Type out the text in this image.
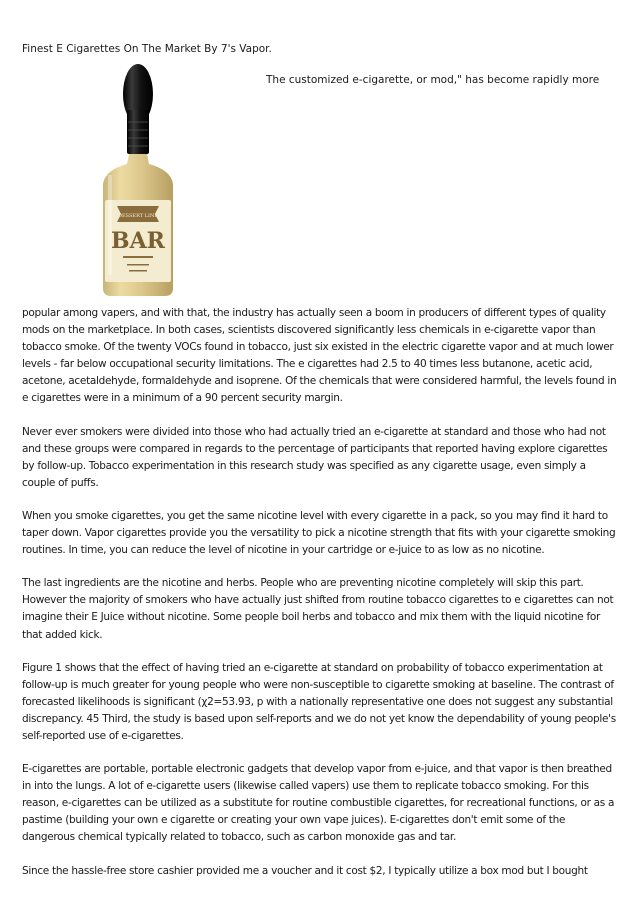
Finest E Cigarettes On The Market By 7's Vapor.
DESSERT LINE
BAR
The customized e-cigarette, or mod," has become rapidly more

popular among vapers, and with that, the industry has actually seen a boom in producers of different types of quality mods on the marketplace. In both cases, scientists discovered significantly less chemicals in e-cigarette vapor than tobacco smoke. Of the twenty VOCs found in tobacco, just six existed in the electric cigarette vapor and at much lower levels - far below occupational security limitations. The e cigarettes had 2.5 to 40 times less butanone, acetic acid, acetone, acetaldehyde, formaldehyde and isoprene. Of the chemicals that were considered harmful, the levels found in e cigarettes were in a minimum of a 90 percent security margin.

Never ever smokers were divided into those who had actually tried an e-cigarette at standard and those who had not and these groups were compared in regards to the percentage of participants that reported having explore cigarettes by follow-up. Tobacco experimentation in this research study was specified as any cigarette usage, even simply a couple of puffs.

When you smoke cigarettes, you get the same nicotine level with every cigarette in a pack, so you may find it hard to taper down. Vapor cigarettes provide you the versatility to pick a nicotine strength that fits with your cigarette smoking routines. In time, you can reduce the level of nicotine in your cartridge or e-juice to as low as no nicotine.

The last ingredients are the nicotine and herbs. People who are preventing nicotine completely will skip this part. However the majority of smokers who have actually just shifted from routine tobacco cigarettes to e cigarettes can not imagine their E Juice without nicotine. Some people boil herbs and tobacco and mix them with the liquid nicotine for that added kick.

Figure 1 shows that the effect of having tried an e-cigarette at standard on probability of tobacco experimentation at follow-up is much greater for young people who were non-susceptible to cigarette smoking at baseline. The contrast of forecasted likelihoods is significant (χ2=53.93, p with a nationally representative one does not suggest any substantial discrepancy. 45 Third, the study is based upon self-reports and we do not yet know the dependability of young people's self-reported use of e-cigarettes.

E-cigarettes are portable, portable electronic gadgets that develop vapor from e-juice, and that vapor is then breathed in into the lungs. A lot of e-cigarette users (likewise called vapers) use them to replicate tobacco smoking. For this reason, e-cigarettes can be utilized as a substitute for routine combustible cigarettes, for recreational functions, or as a pastime (building your own e cigarette or creating your own vape juices). E-cigarettes don't emit some of the dangerous chemical typically related to tobacco, such as carbon monoxide gas and tar.

Since the hassle-free store cashier provided me a voucher and it cost $2, I typically utilize a box mod but I bought
